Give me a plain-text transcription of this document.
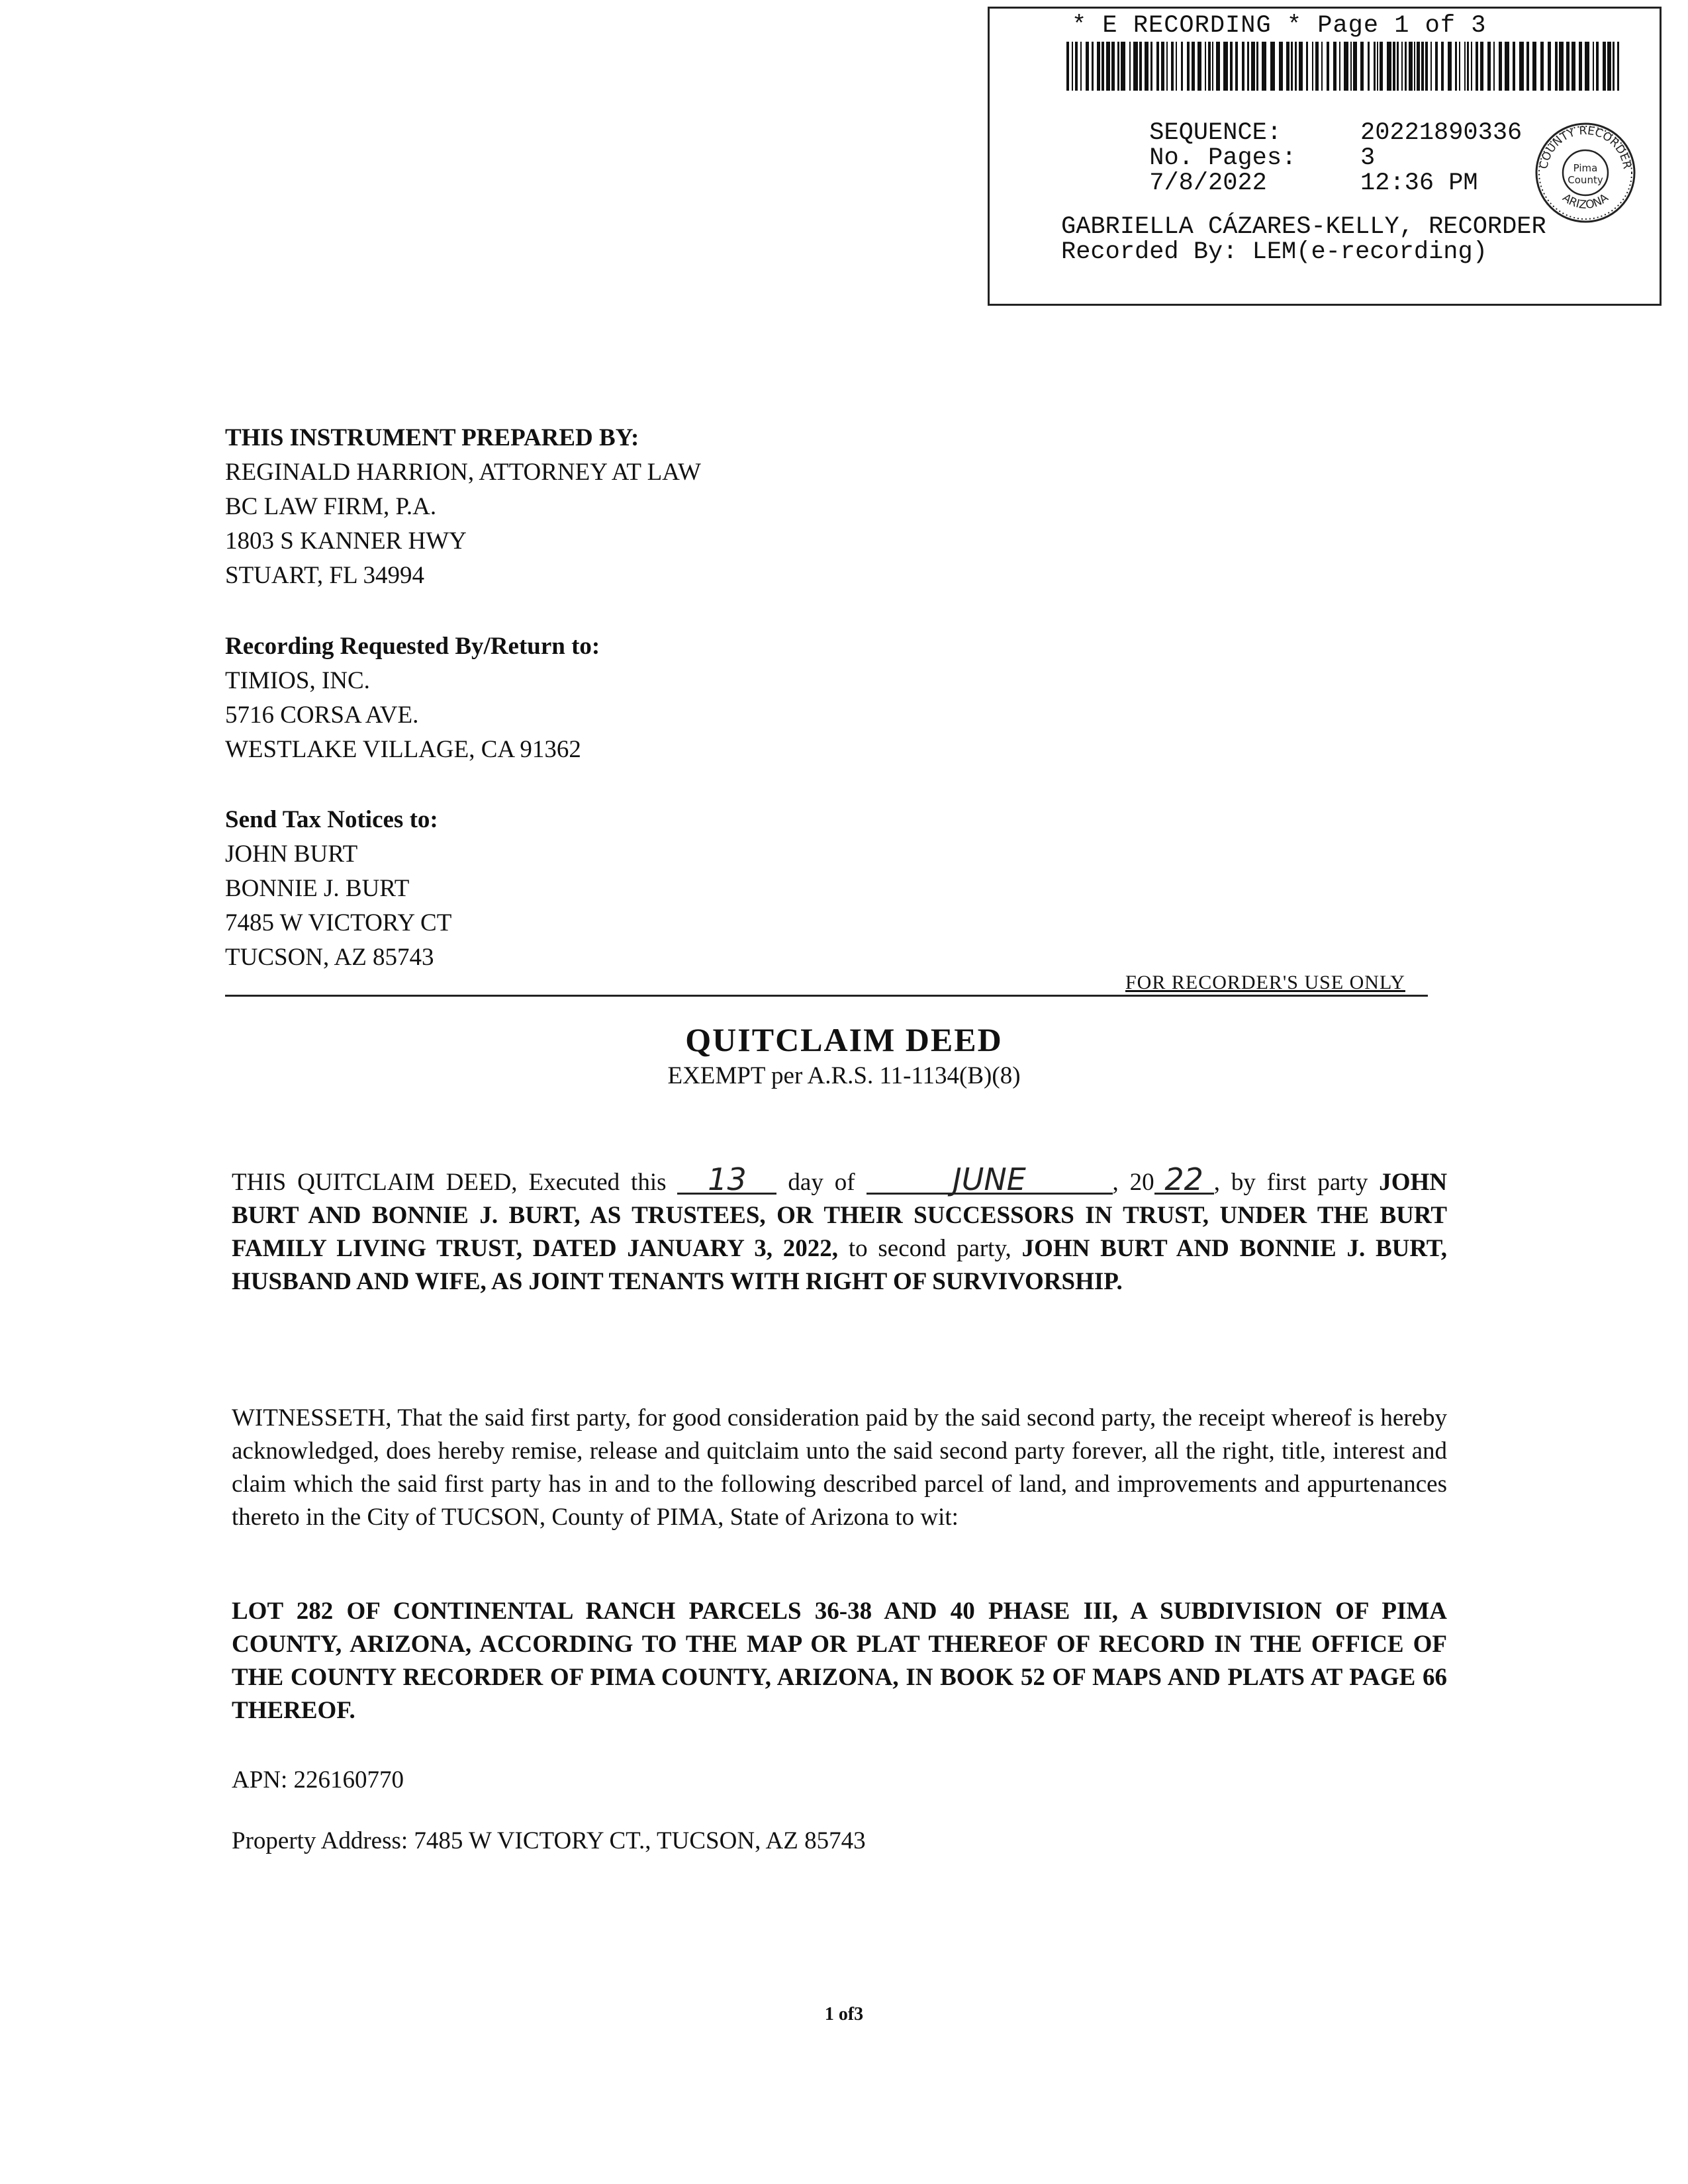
* E RECORDING * Page 1 of 3

SEQUENCE:	20221890336

No. Pages:	3

7/8/2022	12:36 PM

COUNTY RECORDER
Pima
County
ARIZONA
GABRIELLA CÁZARES-KELLY, RECORDER
Recorded By: LEM(e-recording)
THIS INSTRUMENT PREPARED BY:
REGINALD HARRION, ATTORNEY AT LAW
BC LAW FIRM, P.A.
1803 S KANNER HWY
STUART, FL 34994
Recording Requested By/Return to:
TIMIOS, INC.
5716 CORSA AVE.
WESTLAKE VILLAGE, CA 91362
Send Tax Notices to:
JOHN BURT
BONNIE J. BURT
7485 W VICTORY CT
TUCSON, AZ 85743
FOR RECORDER'S USE ONLY
QUITCLAIM DEED
EXEMPT per A.R.S. 11-1134(B)(8)

THIS QUITCLAIM DEED, Executed this 13 day of	JUNE	, 20 22 , by first party JOHN BURT AND BONNIE J. BURT, AS TRUSTEES, OR THEIR SUCCESSORS IN TRUST, UNDER THE BURT FAMILY LIVING TRUST, DATED JANUARY 3, 2022, to second party, JOHN BURT AND BONNIE J. BURT, HUSBAND AND WIFE, AS JOINT TENANTS WITH RIGHT OF SURVIVORSHIP.

WITNESSETH, That the said first party, for good consideration paid by the said second party, the receipt whereof is hereby acknowledged, does hereby remise, release and quitclaim unto the said second party forever, all the right, title, interest and claim which the said first party has in and to the following described parcel of land, and improvements and appurtenances thereto in the City of TUCSON, County of PIMA, State of Arizona to wit:

LOT 282 OF CONTINENTAL RANCH PARCELS 36-38 AND 40 PHASE III, A SUBDIVISION OF PIMA COUNTY, ARIZONA, ACCORDING TO THE MAP OR PLAT THEREOF OF RECORD IN THE OFFICE OF THE COUNTY RECORDER OF PIMA COUNTY, ARIZONA, IN BOOK 52 OF MAPS AND PLATS AT PAGE 66 THEREOF.

APN: 226160770
Property Address: 7485 W VICTORY CT., TUCSON, AZ 85743
1 of3
